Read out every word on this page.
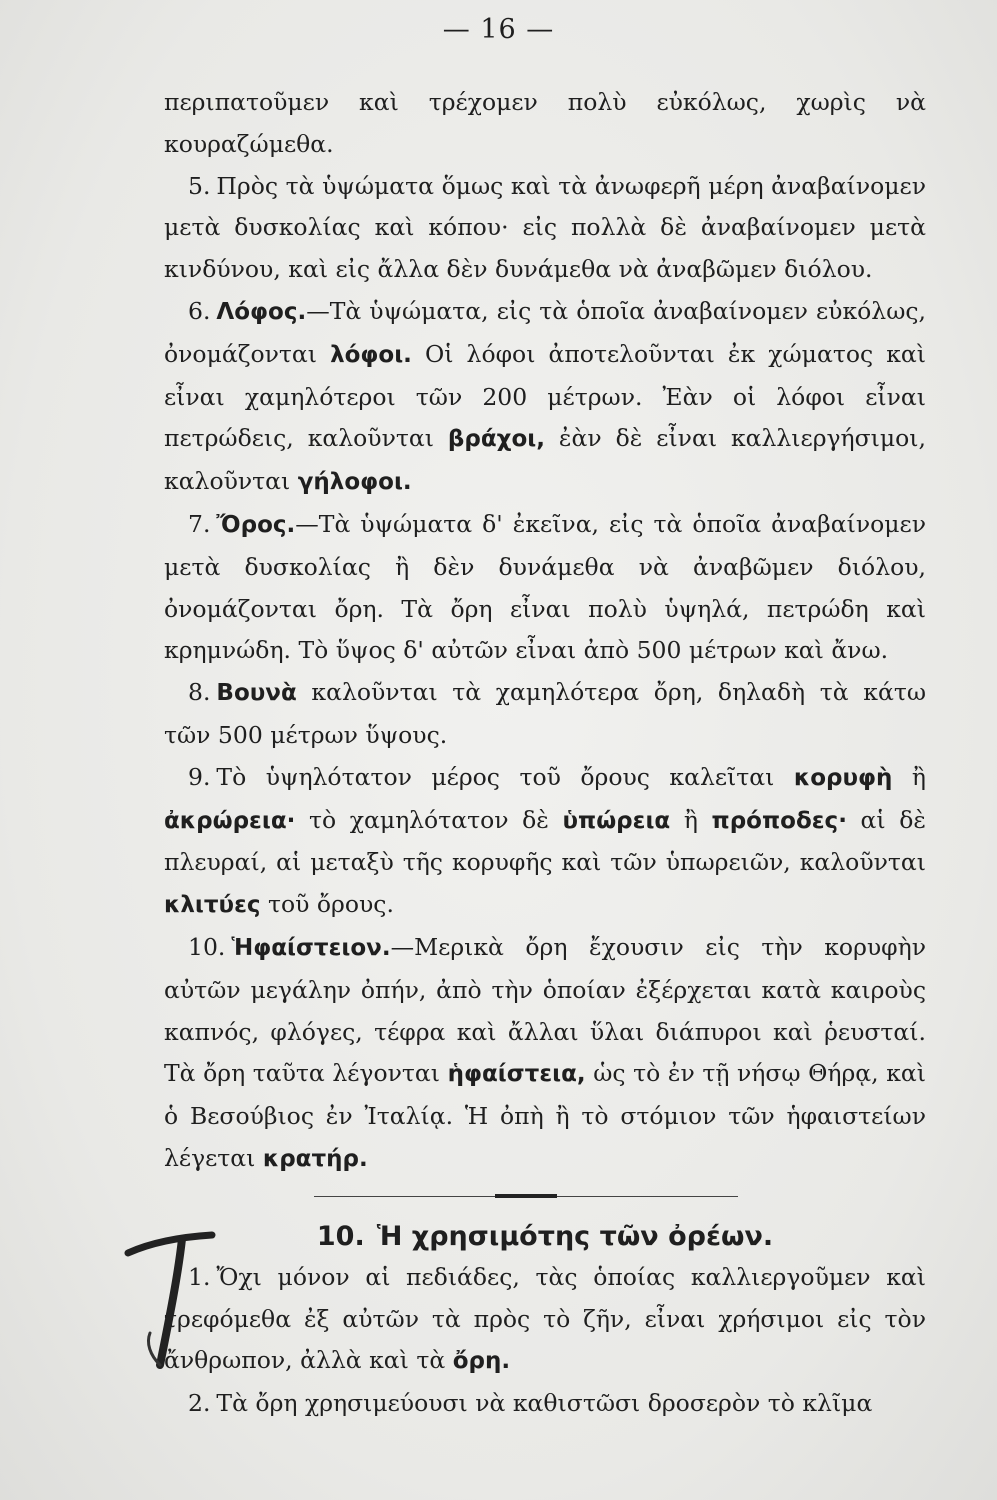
— 16 —

περιπατοῦμεν καὶ τρέχομεν πολὺ εὐκόλως, χωρὶς νὰ κουραζώμεθα.

5. Πρὸς τὰ ὑψώματα ὅμως καὶ τὰ ἀνωφερῆ μέρη ἀναβαίνομεν μετὰ δυσκολίας καὶ κόπου· εἰς πολλὰ δὲ ἀναβαίνομεν μετὰ κινδύνου, καὶ εἰς ἄλλα δὲν δυνάμεθα νὰ ἀναβῶμεν διόλου.

6. Λόφος.—Τὰ ὑψώματα, εἰς τὰ ὁποῖα ἀναβαίνομεν εὐκόλως, ὀνομάζονται λόφοι. Οἱ λόφοι ἀποτελοῦνται ἐκ χώματος καὶ εἶναι χαμηλότεροι τῶν 200 μέτρων. Ἐὰν οἱ λόφοι εἶναι πετρώδεις, καλοῦνται βράχοι, ἐὰν δὲ εἶναι καλλιεργήσιμοι, καλοῦνται γήλοφοι.

7. Ὄρος.—Τὰ ὑψώματα δ' ἐκεῖνα, εἰς τὰ ὁποῖα ἀναβαίνομεν μετὰ δυσκολίας ἢ δὲν δυνάμεθα νὰ ἀναβῶμεν διόλου, ὀνομάζονται ὄρη. Τὰ ὄρη εἶναι πολὺ ὑψηλά, πετρώδη καὶ κρημνώδη. Τὸ ὕψος δ' αὐτῶν εἶναι ἀπὸ 500 μέτρων καὶ ἄνω.

8. Βουνὰ καλοῦνται τὰ χαμηλότερα ὄρη, δηλαδὴ τὰ κάτω τῶν 500 μέτρων ὕψους.

9. Τὸ ὑψηλότατον μέρος τοῦ ὄρους καλεῖται κορυφὴ ἢ ἀκρώρεια· τὸ χαμηλότατον δὲ ὑπώρεια ἢ πρόποδες· αἱ δὲ πλευραί, αἱ μεταξὺ τῆς κορυφῆς καὶ τῶν ὑπωρειῶν, καλοῦνται κλιτύες τοῦ ὄρους.

10. Ἡφαίστειον.—Μερικὰ ὄρη ἔχουσιν εἰς τὴν κορυφὴν αὐτῶν μεγάλην ὀπήν, ἀπὸ τὴν ὁποίαν ἐξέρχεται κατὰ καιροὺς καπνός, φλόγες, τέφρα καὶ ἄλλαι ὕλαι διάπυροι καὶ ῥευσταί. Τὰ ὄρη ταῦτα λέγονται ἡφαίστεια, ὡς τὸ ἐν τῇ νήσῳ Θήρᾳ, καὶ ὁ Βεσούβιος ἐν Ἰταλίᾳ. Ἡ ὀπὴ ἢ τὸ στόμιον τῶν ἡφαιστείων λέγεται κρατήρ.

10. Ἡ χρησιμότης τῶν ὀρέων.

1. Ὄχι μόνον αἱ πεδιάδες, τὰς ὁποίας καλλιεργοῦμεν καὶ τρεφόμεθα ἐξ αὐτῶν τὰ πρὸς τὸ ζῆν, εἶναι χρήσιμοι εἰς τὸν ἄνθρωπον, ἀλλὰ καὶ τὰ ὄρη.

2. Τὰ ὄρη χρησιμεύουσι νὰ καθιστῶσι δροσερὸν τὸ κλῖμα
